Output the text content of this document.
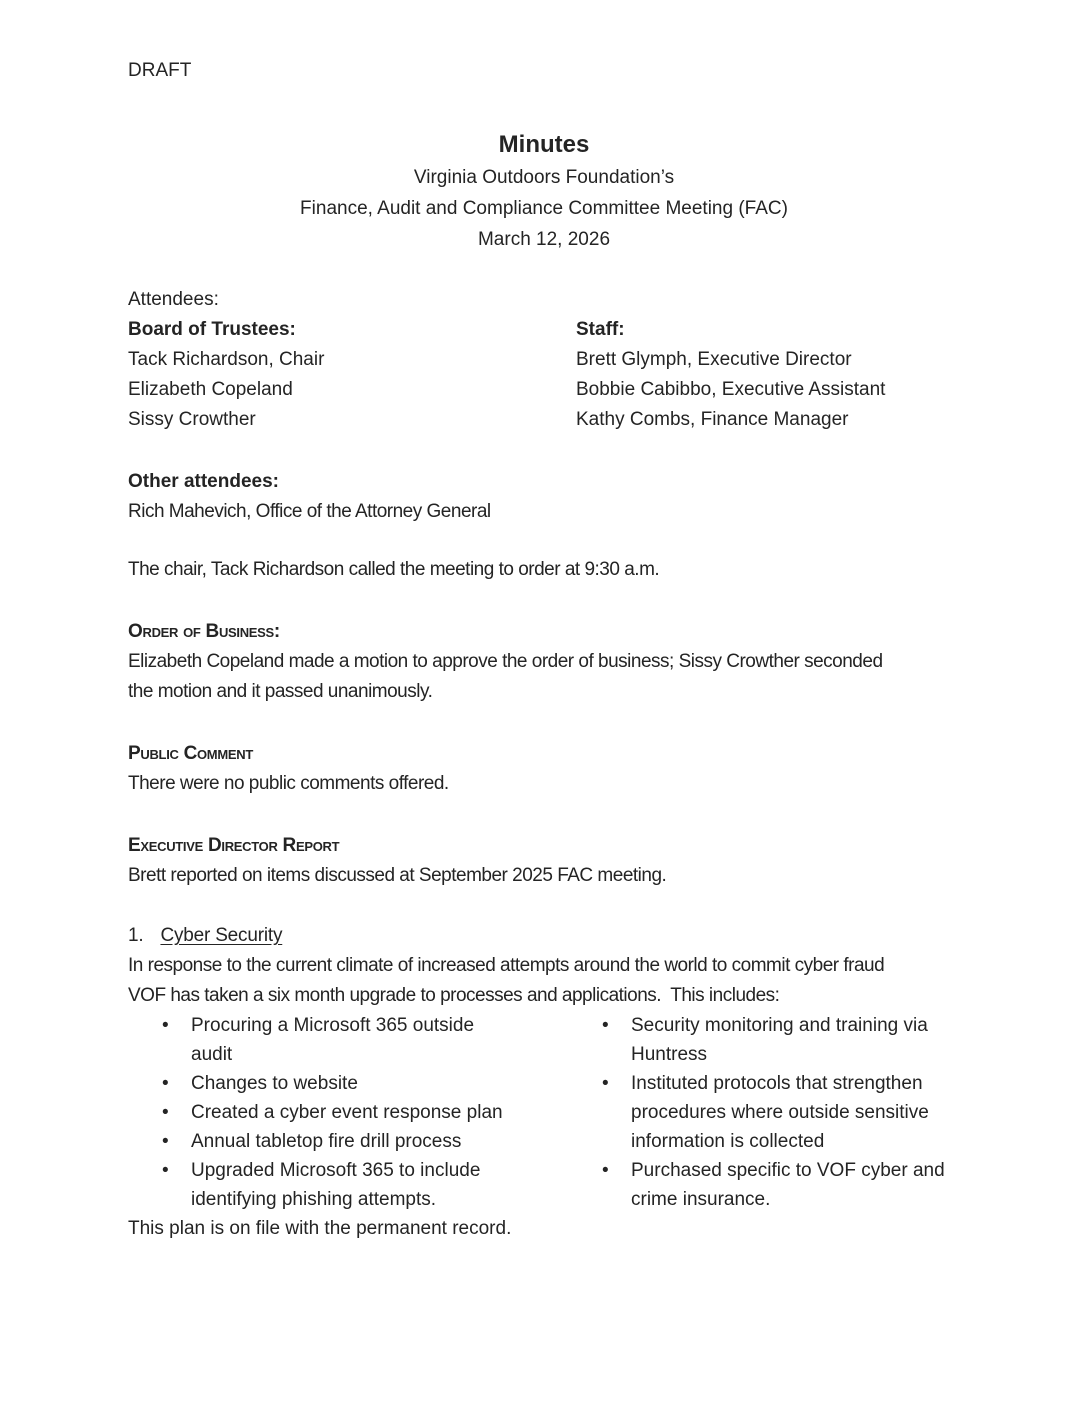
DRAFT

Minutes

Virginia Outdoors Foundation’s

Finance, Audit and Compliance Committee Meeting (FAC)

March 12, 2026

Attendees:

Board of Trustees:

Tack Richardson, Chair

Elizabeth Copeland

Sissy Crowther

Staff:

Brett Glymph, Executive Director

Bobbie Cabibbo, Executive Assistant

Kathy Combs, Finance Manager

Other attendees:

Rich Mahevich, Office of the Attorney General

The chair, Tack Richardson called the meeting to order at 9:30 a.m.

Order of Business:

Elizabeth Copeland made a motion to approve the order of business; Sissy Crowther seconded the motion and it passed unanimously.

Public Comment

There were no public comments offered.

Executive Director Report

Brett reported on items discussed at September 2025 FAC meeting.

1. Cyber Security

In response to the current climate of increased attempts around the world to commit cyber fraud VOF has taken a six month upgrade to processes and applications.  This includes:

• Procuring a Microsoft 365 outside audit
• Changes to website
• Created a cyber event response plan
• Annual tabletop fire drill process
• Upgraded Microsoft 365 to include identifying phishing attempts.
• Security monitoring and training via Huntress
• Instituted protocols that strengthen procedures where outside sensitive information is collected
• Purchased specific to VOF cyber and crime insurance.

This plan is on file with the permanent record.
